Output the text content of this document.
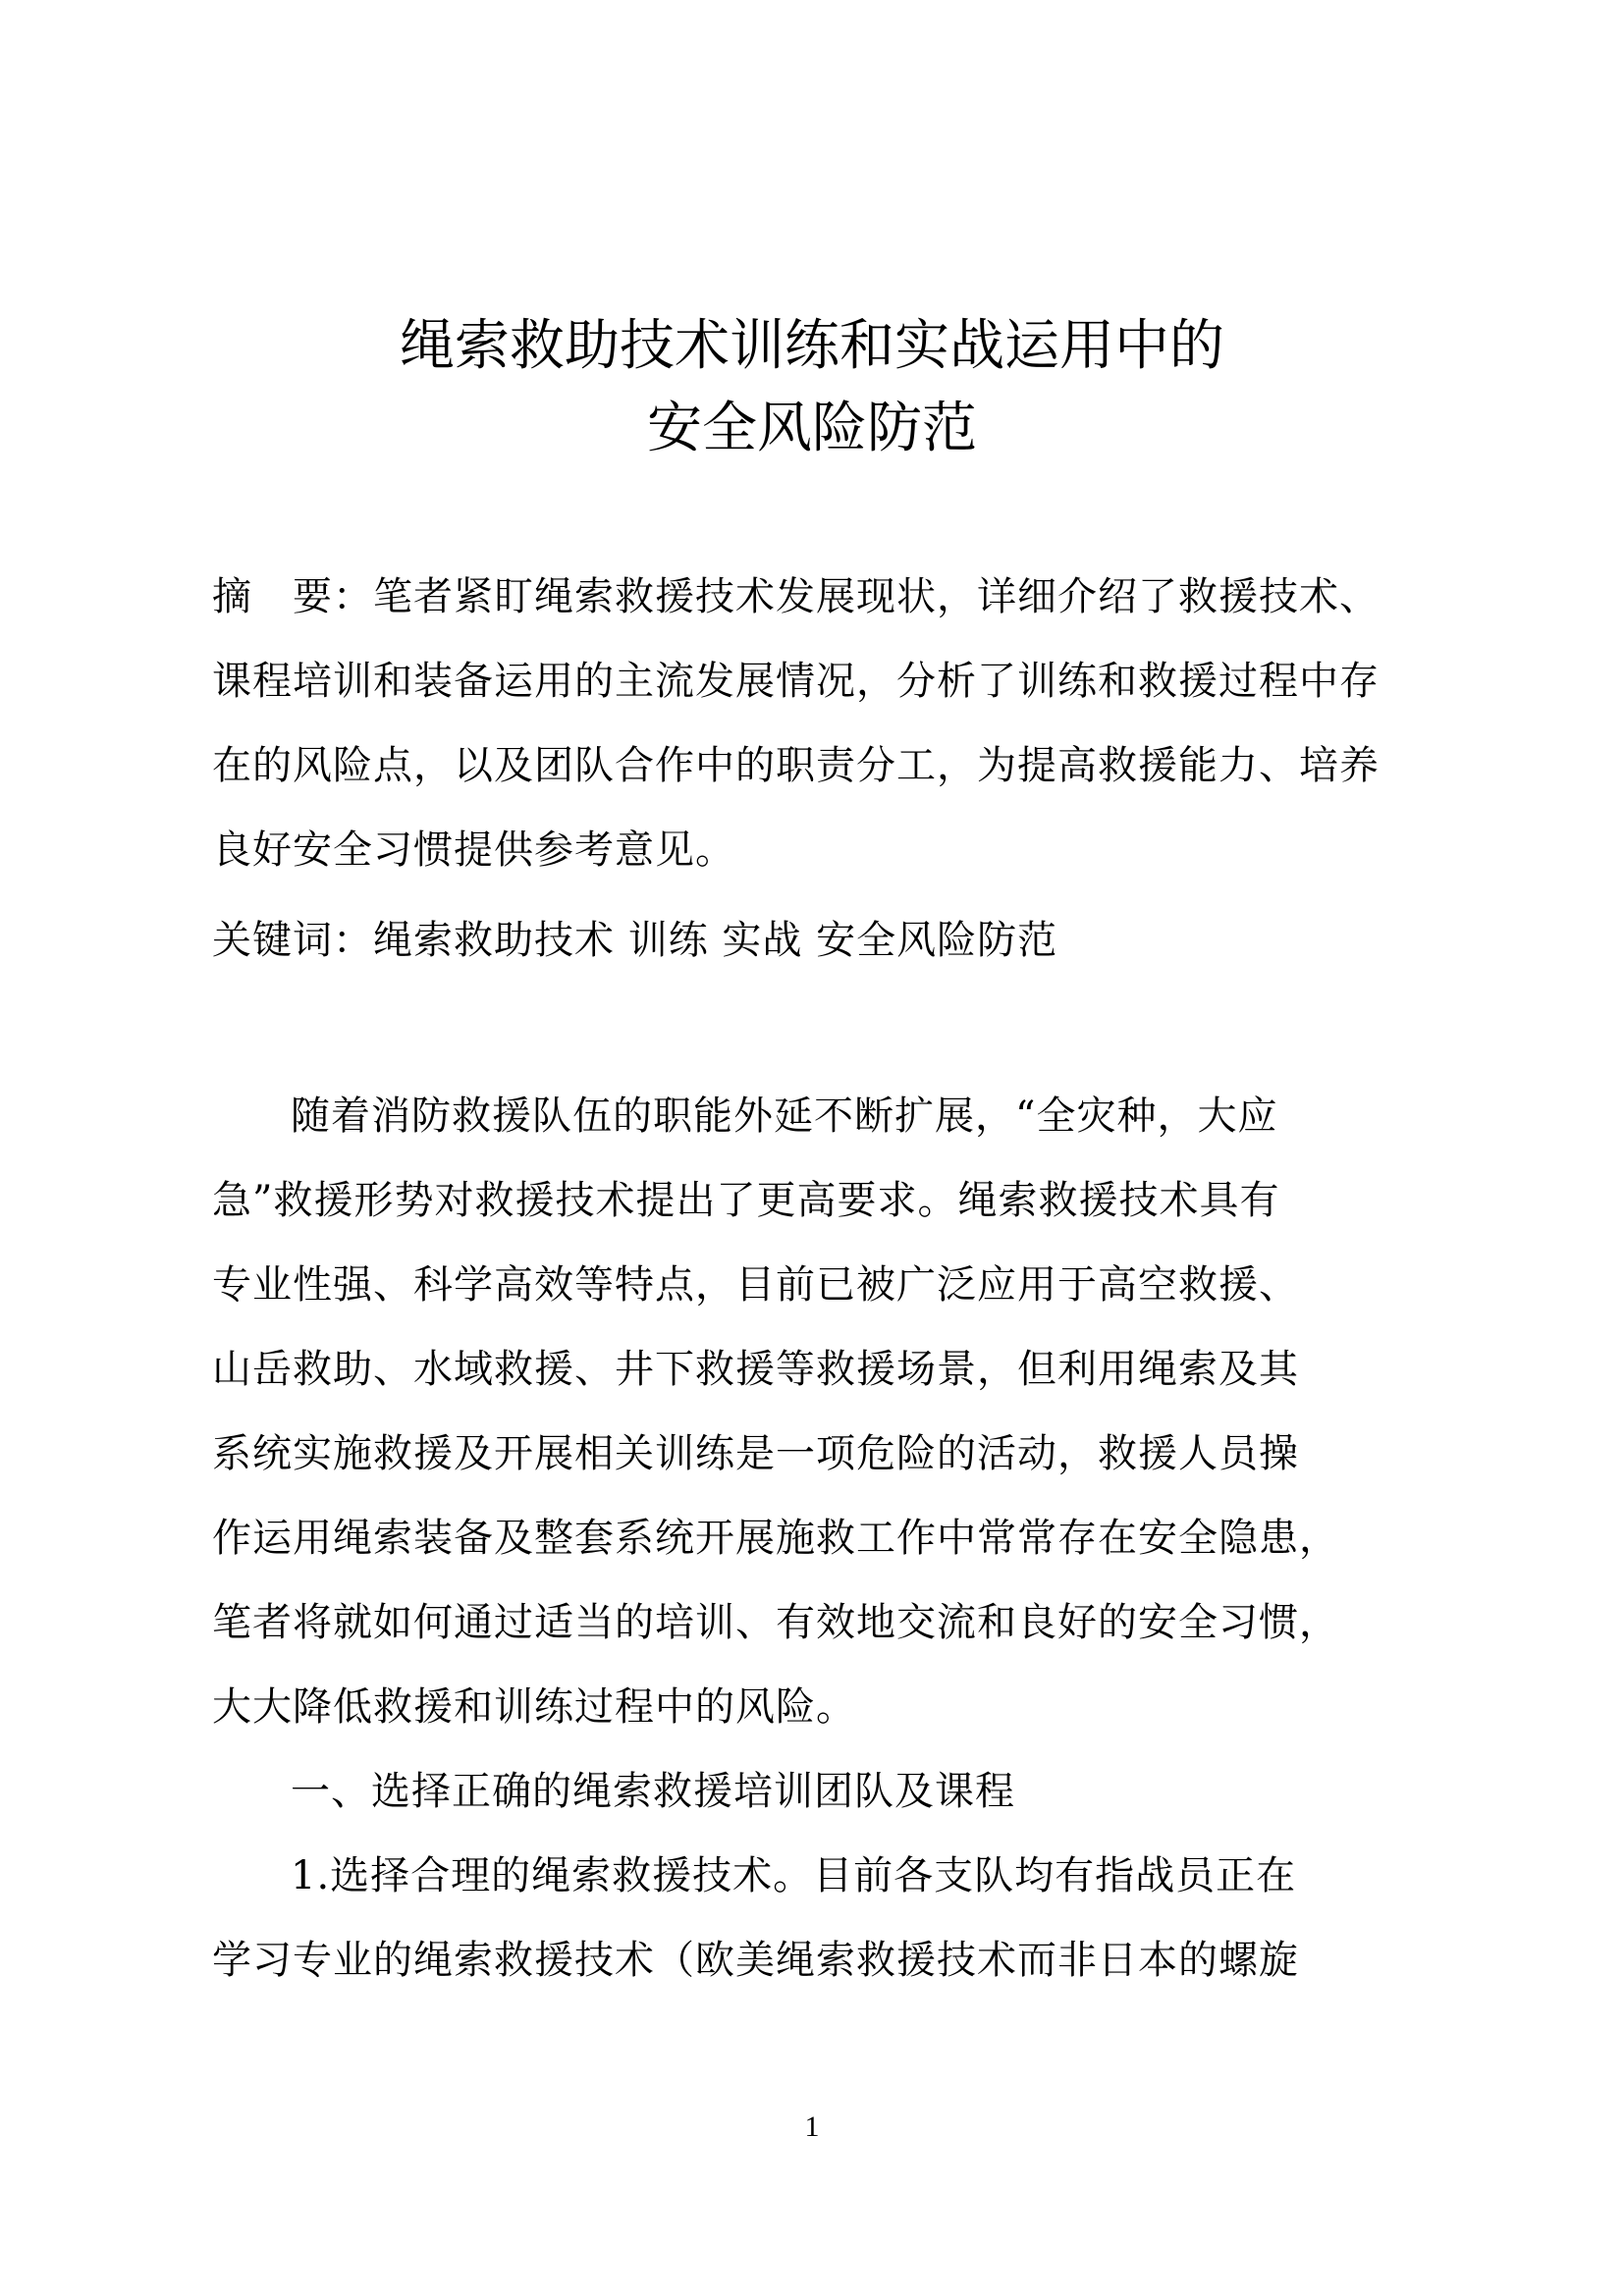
绳索救助技术训练和实战运用中的
安全风险防范
摘　要：笔者紧盯绳索救援技术发展现状，详细介绍了救援技术、
课程培训和装备运用的主流发展情况，分析了训练和救援过程中存
在的风险点，以及团队合作中的职责分工，为提高救援能力、培养
良好安全习惯提供参考意见。
关键词：绳索救助技术 训练 实战 安全风险防范
随着消防救援队伍的职能外延不断扩展，“全灾种，大应
急”救援形势对救援技术提出了更高要求。绳索救援技术具有
专业性强、科学高效等特点，目前已被广泛应用于高空救援、
山岳救助、水域救援、井下救援等救援场景，但利用绳索及其
系统实施救援及开展相关训练是一项危险的活动，救援人员操
作运用绳索装备及整套系统开展施救工作中常常存在安全隐患，
笔者将就如何通过适当的培训、有效地交流和良好的安全习惯，
大大降低救援和训练过程中的风险。
一、选择正确的绳索救援培训团队及课程
1.选择合理的绳索救援技术。目前各支队均有指战员正在
学习专业的绳索救援技术（欧美绳索救援技术而非日本的螺旋
1
